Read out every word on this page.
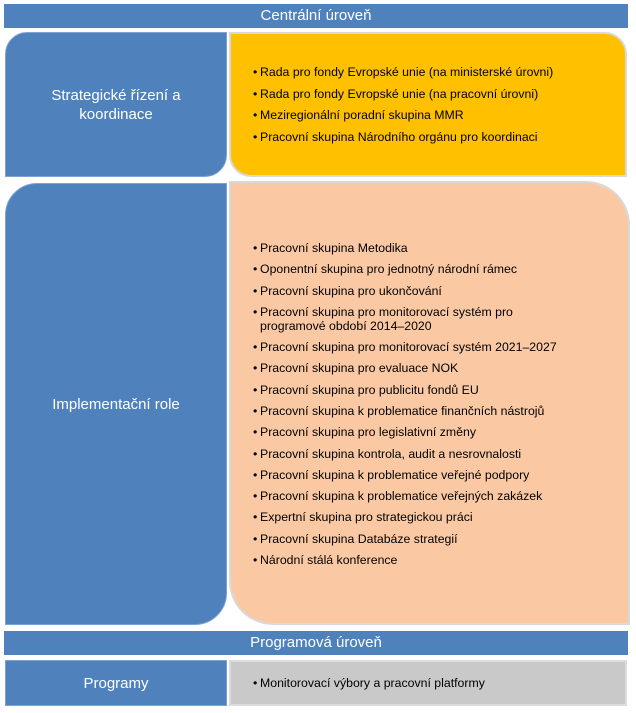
Centrální úroveň
Strategické řízení a koordinace
• Rada pro fondy Evropské unie (na ministerské úrovni)
• Rada pro fondy Evropské unie (na pracovní úrovni)
• Meziregionální poradní skupina MMR
• Pracovní skupina Národního orgánu pro koordinaci
Implementační role
• Pracovní skupina Metodika
• Oponentní skupina pro jednotný národní rámec
• Pracovní skupina pro ukončování
• Pracovní skupina pro monitorovací systém pro programové období 2014–2020
• Pracovní skupina pro monitorovací systém 2021–2027
• Pracovní skupina pro evaluace NOK
• Pracovní skupina pro publicitu fondů EU
• Pracovní skupina k problematice finančních nástrojů
• Pracovní skupina pro legislativní změny
• Pracovní skupina kontrola, audit a nesrovnalosti
• Pracovní skupina k problematice veřejné podpory
• Pracovní skupina k problematice veřejných zakázek
• Expertní skupina pro strategickou práci
• Pracovní skupina Databáze strategií
• Národní stálá konference
Programová úroveň
Programy
•	Monitorovací výbory a pracovní platformy
